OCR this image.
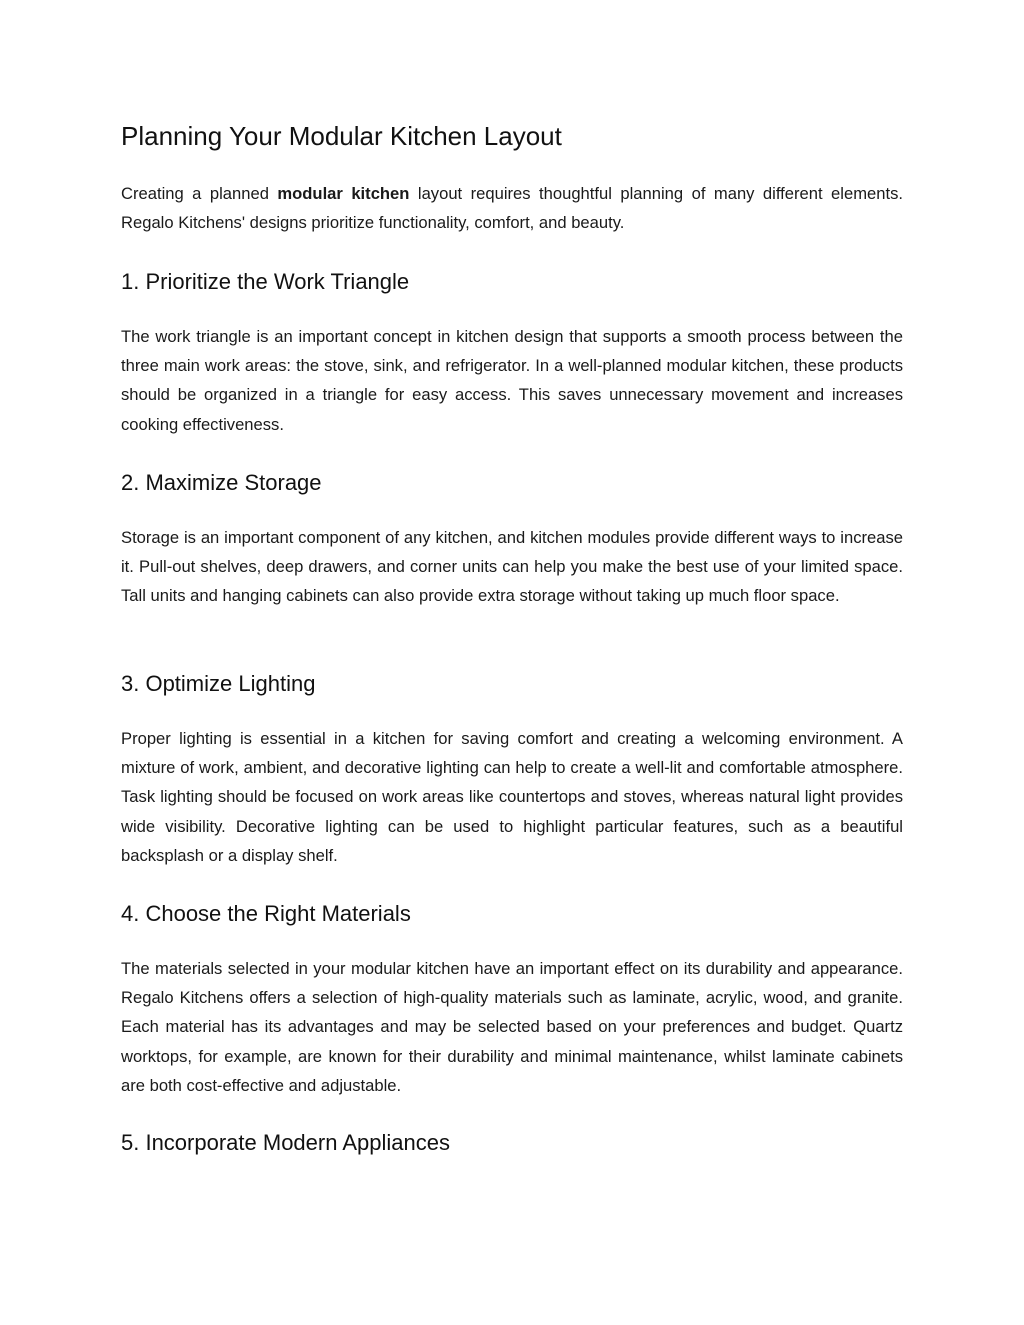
Planning Your Modular Kitchen Layout

Creating a planned modular kitchen layout requires thoughtful planning of many different elements. Regalo Kitchens' designs prioritize functionality, comfort, and beauty.

1. Prioritize the Work Triangle

The work triangle is an important concept in kitchen design that supports a smooth process between the three main work areas: the stove, sink, and refrigerator. In a well-planned modular kitchen, these products should be organized in a triangle for easy access. This saves unnecessary movement and increases cooking effectiveness.

2. Maximize Storage

Storage is an important component of any kitchen, and kitchen modules provide different ways to increase it. Pull-out shelves, deep drawers, and corner units can help you make the best use of your limited space. Tall units and hanging cabinets can also provide extra storage without taking up much floor space.

3. Optimize Lighting

Proper lighting is essential in a kitchen for saving comfort and creating a welcoming environment. A mixture of work, ambient, and decorative lighting can help to create a well-lit and comfortable atmosphere. Task lighting should be focused on work areas like countertops and stoves, whereas natural light provides wide visibility. Decorative lighting can be used to highlight particular features, such as a beautiful backsplash or a display shelf.

4. Choose the Right Materials

The materials selected in your modular kitchen have an important effect on its durability and appearance. Regalo Kitchens offers a selection of high-quality materials such as laminate, acrylic, wood, and granite. Each material has its advantages and may be selected based on your preferences and budget. Quartz worktops, for example, are known for their durability and minimal maintenance, whilst laminate cabinets are both cost-effective and adjustable.

5. Incorporate Modern Appliances
